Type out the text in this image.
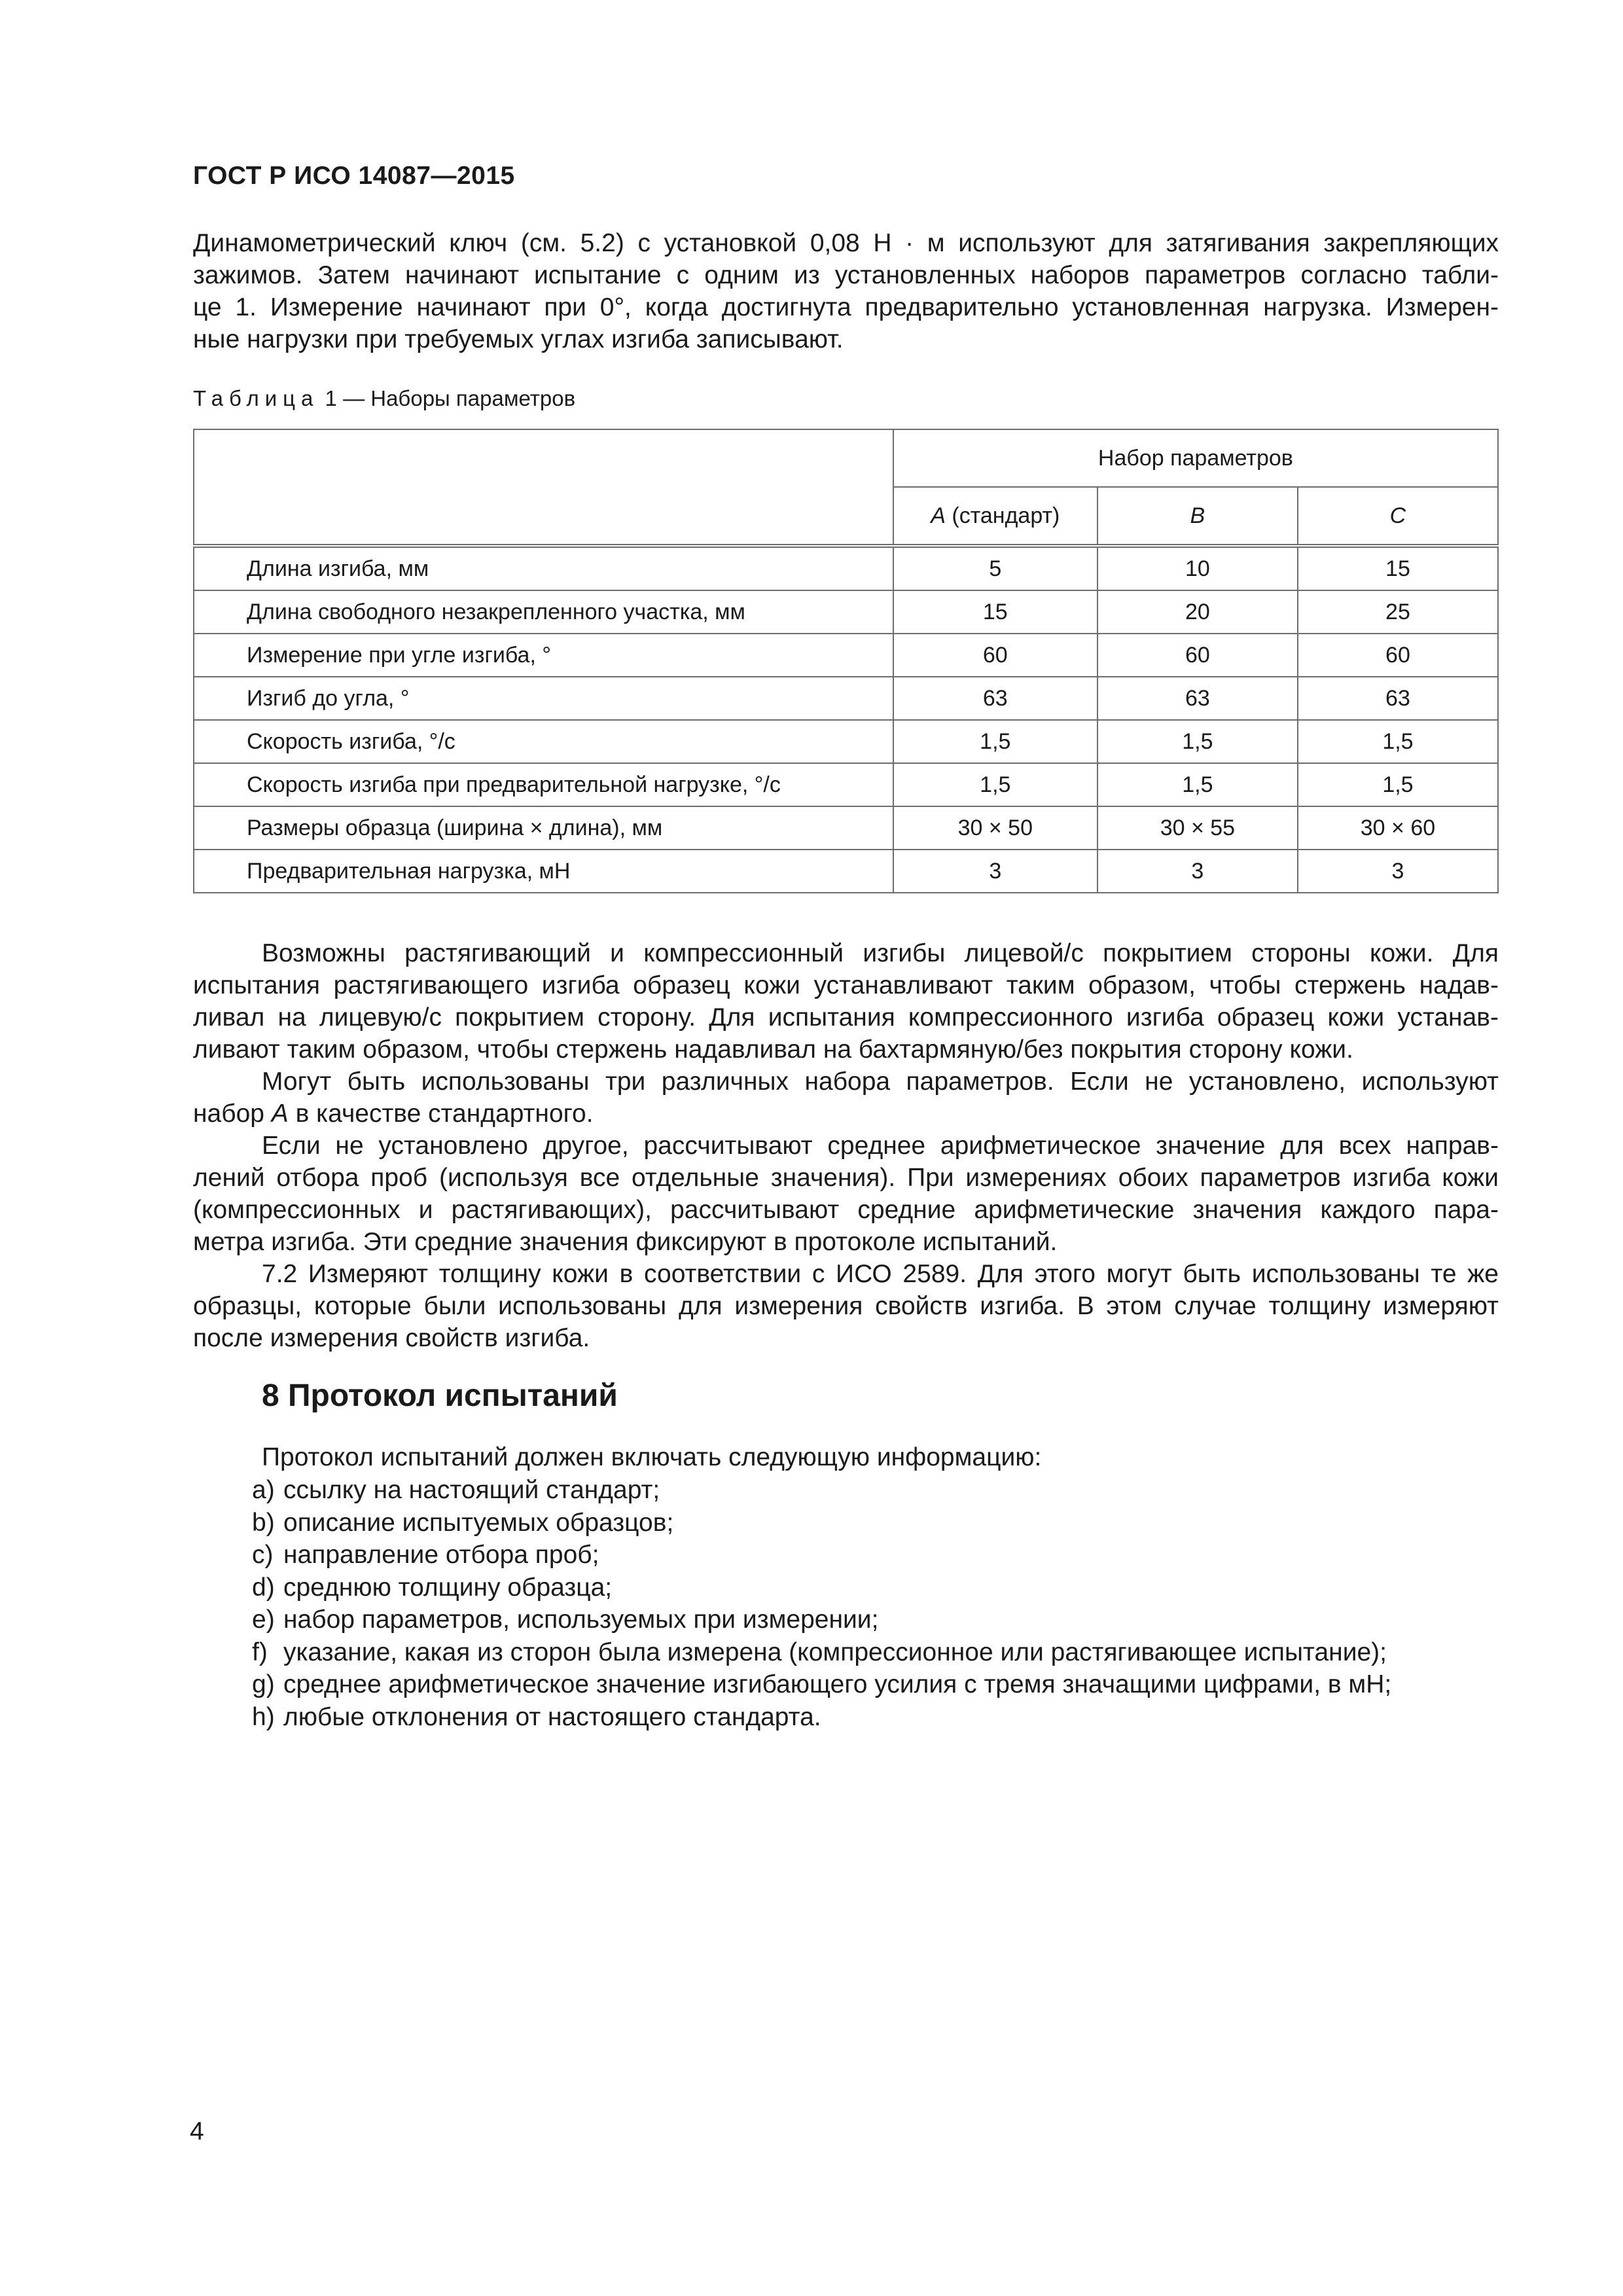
ГОСТ Р ИСО 14087—2015
Динамометрический ключ (см. 5.2) с установкой 0,08 Н · м используют для затягивания закрепляющих
зажимов. Затем начинают испытание с одним из установленных наборов параметров согласно табли-
це 1. Измерение начинают при 0°, когда достигнута предварительно установленная нагрузка. Измерен-
ные нагрузки при требуемых углах изгиба записывают.
Таблица 1 — Наборы параметров
	Набор параметров		
	А (стандарт)	В	С
Длина изгиба, мм	5	10	15
Длина свободного незакрепленного участка, мм	15	20	25
Измерение при угле изгиба, °	60	60	60
Изгиб до угла, °	63	63	63
Скорость изгиба, °/с	1,5	1,5	1,5
Скорость изгиба при предварительной нагрузке, °/с	1,5	1,5	1,5
Размеры образца (ширина × длина), мм	30 × 50	30 × 55	30 × 60
Предварительная нагрузка, мН	3	3	3
Возможны растягивающий и компрессионный изгибы лицевой/с покрытием стороны кожи. Для
испытания растягивающего изгиба образец кожи устанавливают таким образом, чтобы стержень надав-
ливал на лицевую/с покрытием сторону. Для испытания компрессионного изгиба образец кожи устанав-
ливают таким образом, чтобы стержень надавливал на бахтармяную/без покрытия сторону кожи.
Могут быть использованы три различных набора параметров. Если не установлено, используют
набор А в качестве стандартного.
Если не установлено другое, рассчитывают среднее арифметическое значение для всех направ-
лений отбора проб (используя все отдельные значения). При измерениях обоих параметров изгиба кожи
(компрессионных и растягивающих), рассчитывают средние арифметические значения каждого пара-
метра изгиба. Эти средние значения фиксируют в протоколе испытаний.
7.2 Измеряют толщину кожи в соответствии с ИСО 2589. Для этого могут быть использованы те же
образцы, которые были использованы для измерения свойств изгиба. В этом случае толщину измеряют
после измерения свойств изгиба.
8 Протокол испытаний
Протокол испытаний должен включать следующую информацию:
a) ссылку на настоящий стандарт;
b) описание испытуемых образцов;
c) направление отбора проб;
d) среднюю толщину образца;
e) набор параметров, используемых при измерении;
f) указание, какая из сторон была измерена (компрессионное или растягивающее испытание);
g) среднее арифметическое значение изгибающего усилия с тремя значащими цифрами, в мН;
h) любые отклонения от настоящего стандарта.
4
